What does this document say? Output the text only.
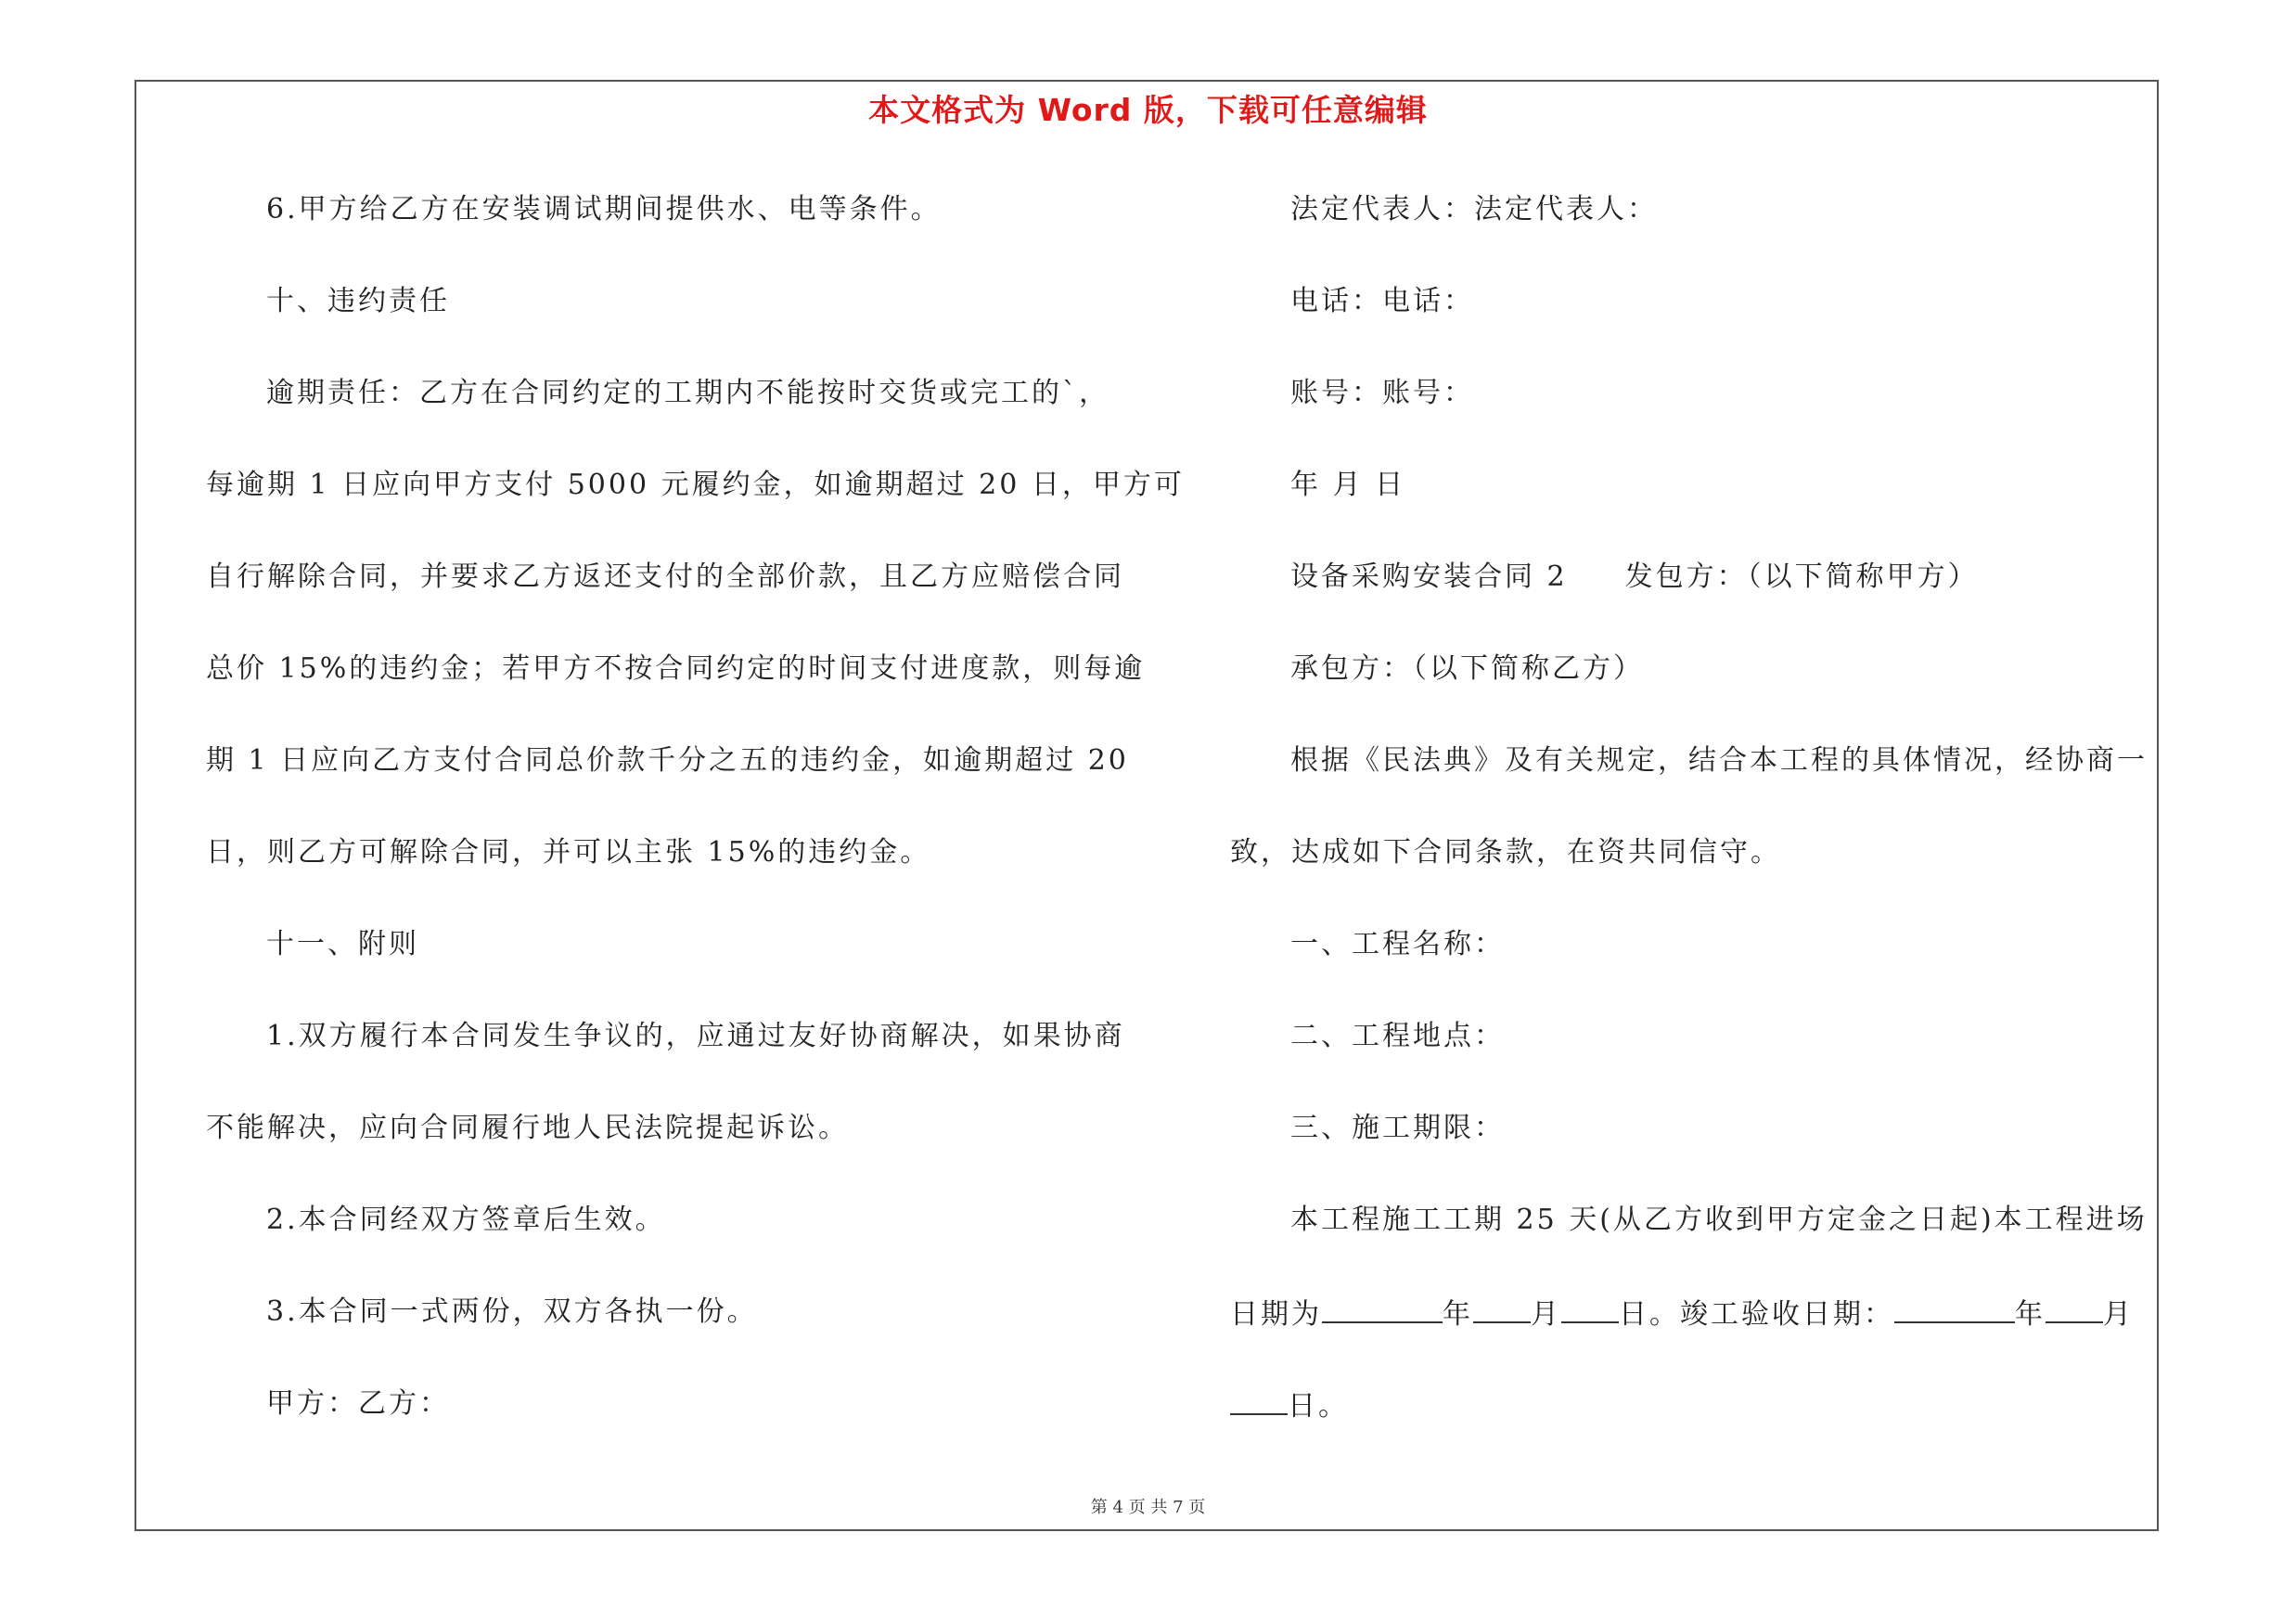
本文格式为 Word 版，下载可任意编辑
6.甲方给乙方在安装调试期间提供水、电等条件。
十、违约责任
逾期责任：乙方在合同约定的工期内不能按时交货或完工的`，
每逾期 1 日应向甲方支付 5000 元履约金，如逾期超过 20 日，甲方可
自行解除合同，并要求乙方返还支付的全部价款，且乙方应赔偿合同
总价 15%的违约金；若甲方不按合同约定的时间支付进度款，则每逾
期 1 日应向乙方支付合同总价款千分之五的违约金，如逾期超过 20
日，则乙方可解除合同，并可以主张 15%的违约金。
十一、附则
1.双方履行本合同发生争议的，应通过友好协商解决，如果协商
不能解决，应向合同履行地人民法院提起诉讼。
2.本合同经双方签章后生效。
3.本合同一式两份，双方各执一份。
甲方：乙方：
法定代表人：法定代表人：
电话：电话：
账号：账号：
年 月 日
设备采购安装合同 2 发包方：（以下简称甲方）
承包方：（以下简称乙方）
根据《民法典》及有关规定，结合本工程的具体情况，经协商一
致，达成如下合同条款，在资共同信守。
一、工程名称：
二、工程地点：
三、施工期限：
本工程施工工期 25 天(从乙方收到甲方定金之日起)本工程进场
日期为	年 月 日。竣工验收日期：	年 月
日。
第 4 页 共 7 页
